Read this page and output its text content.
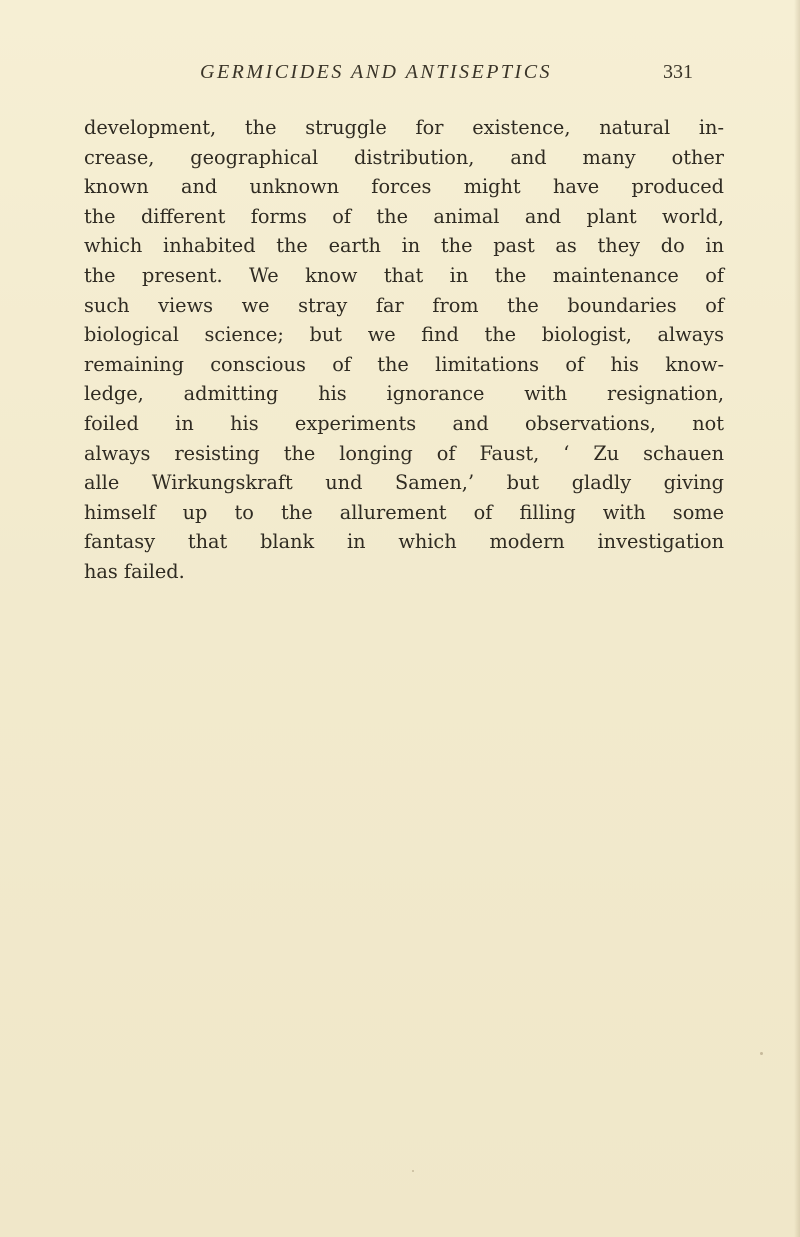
GERMICIDES AND ANTISEPTICS	331
development, the struggle for existence, natural in-
crease, geographical distribution, and many other
known and unknown forces might have produced
the different forms of the animal and plant world,
which inhabited the earth in the past as they do in
the present. We know that in the maintenance of
such views we stray far from the boundaries of
biological science; but we find the biologist, always
remaining conscious of the limitations of his know-
ledge, admitting his ignorance with resignation,
foiled in his experiments and observations, not
always resisting the longing of Faust, ‘ Zu schauen
alle Wirkungskraft und Samen,’ but gladly giving
himself up to the allurement of filling with some
fantasy that blank in which modern investigation
has failed.
